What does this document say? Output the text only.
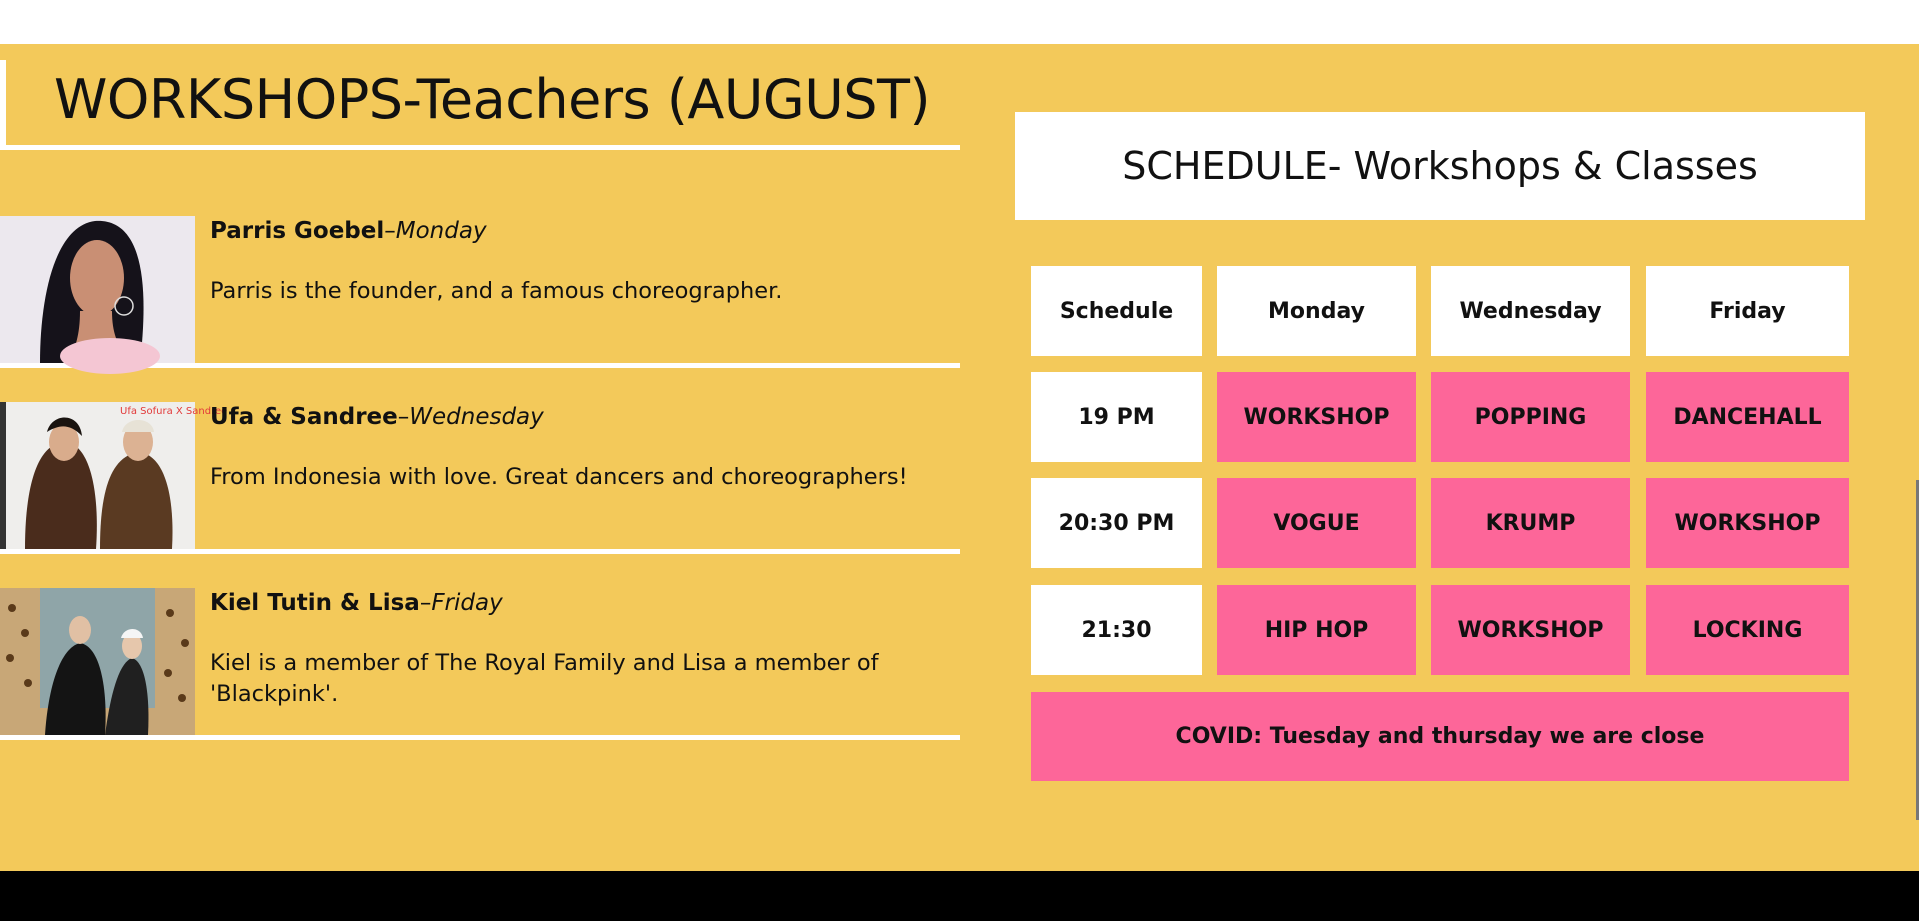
WORKSHOPS-Teachers (AUGUST)
Parris Goebel–Monday
Parris is the founder, and a famous choreographer.
Ufa Sofura X Sandree
Ufa & Sandree–Wednesday
From Indonesia with love. Great dancers and choreographers!
Kiel Tutin & Lisa–Friday
Kiel is a member of The Royal Family and Lisa a member of 'Blackpink'.
SCHEDULE- Workshops & Classes
Schedule	Monday	Wednesday	Friday
19 PM	WORKSHOP	POPPING	DANCEHALL
20:30 PM	VOGUE	KRUMP	WORKSHOP
21:30	HIP HOP	WORKSHOP	LOCKING
COVID: Tuesday and thursday we are close
